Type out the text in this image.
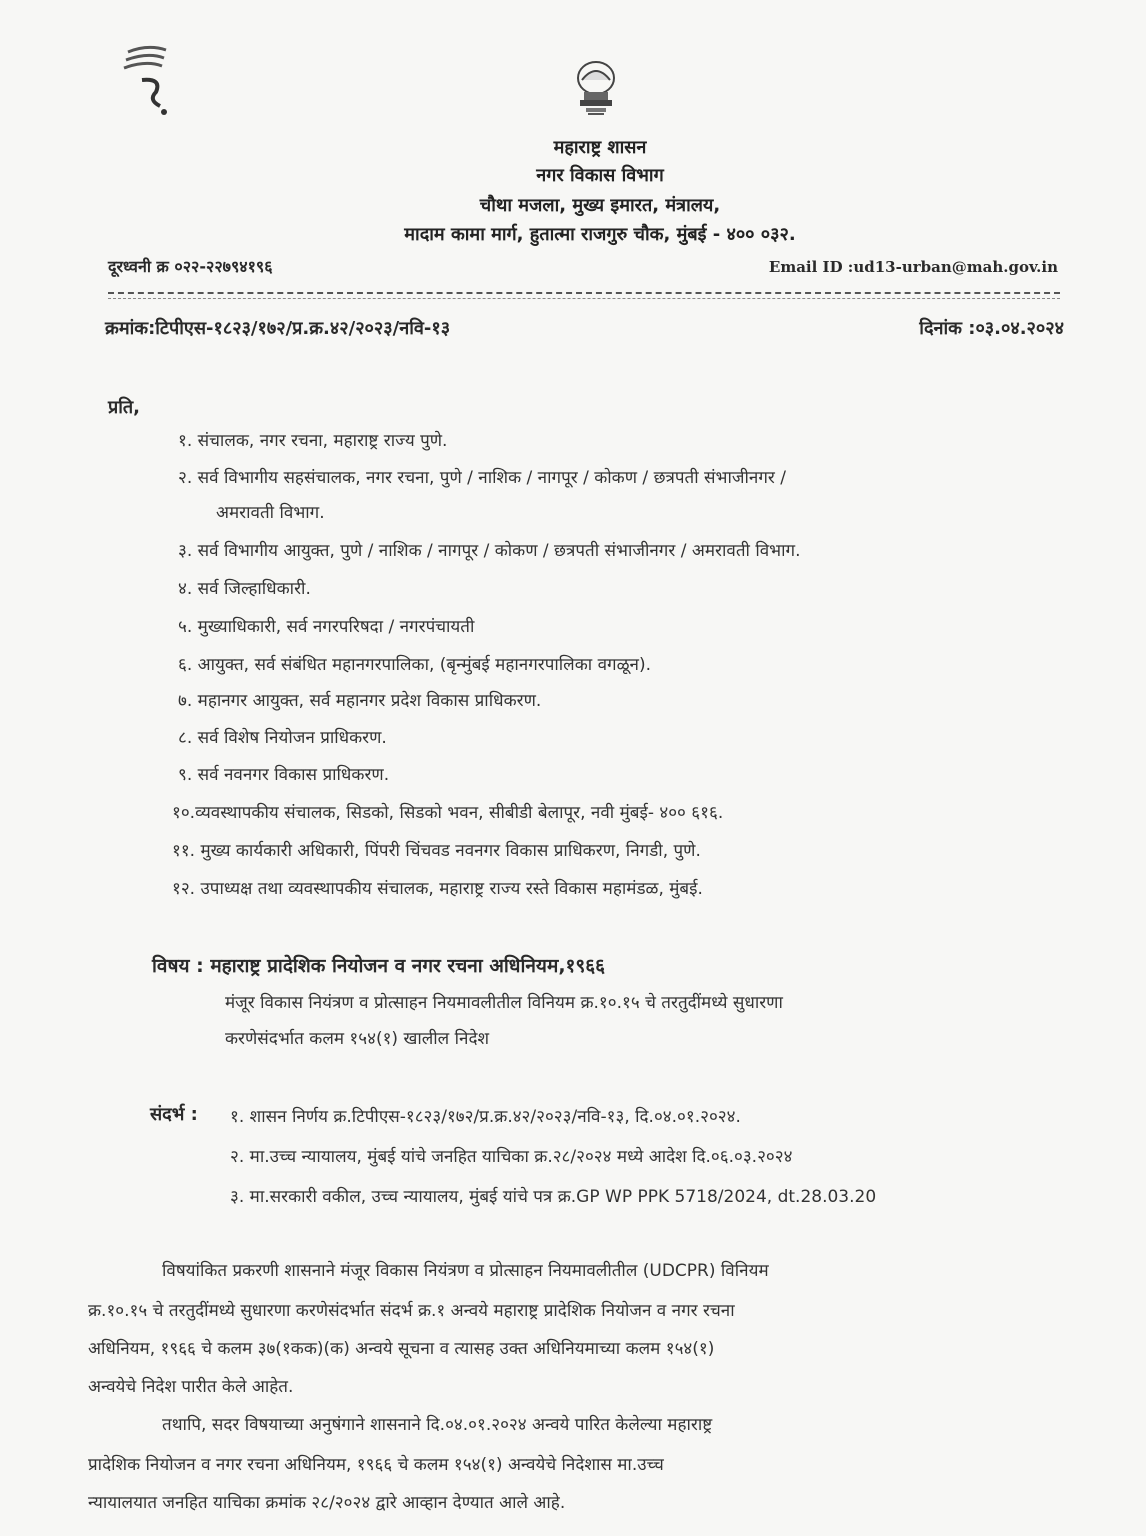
महाराष्ट्र शासन
नगर विकास विभाग
चौथा मजला, मुख्य इमारत, मंत्रालय,
मादाम कामा मार्ग, हुतात्मा राजगुरु चौक, मुंबई - ४०० ०३२.
दूरध्वनी क्र ०२२-२२७९४१९६	Email ID :ud13-urban@mah.gov.in
क्रमांक:टिपीएस-१८२३/१७२/प्र.क्र.४२/२०२३/नवि-१३	दिनांक :०३.०४.२०२४
प्रति,
१. संचालक, नगर रचना, महाराष्ट्र राज्य पुणे.
२. सर्व विभागीय सहसंचालक, नगर रचना, पुणे / नाशिक / नागपूर / कोकण / छत्रपती संभाजीनगर /
अमरावती विभाग.
३. सर्व विभागीय आयुक्त, पुणे / नाशिक / नागपूर / कोकण / छत्रपती संभाजीनगर / अमरावती विभाग.
४. सर्व जिल्हाधिकारी.
५. मुख्याधिकारी, सर्व नगरपरिषदा / नगरपंचायती
६. आयुक्त, सर्व संबंधित महानगरपालिका, (बृन्मुंबई महानगरपालिका वगळून).
७. महानगर आयुक्त, सर्व महानगर प्रदेश विकास प्राधिकरण.
८. सर्व विशेष नियोजन प्राधिकरण.
९. सर्व नवनगर विकास प्राधिकरण.
१०.व्यवस्थापकीय संचालक, सिडको, सिडको भवन, सीबीडी बेलापूर, नवी मुंबई- ४०० ६१६.
११. मुख्य कार्यकारी अधिकारी, पिंपरी चिंचवड नवनगर विकास प्राधिकरण, निगडी, पुणे.
१२. उपाध्यक्ष तथा व्यवस्थापकीय संचालक, महाराष्ट्र राज्य रस्ते विकास महामंडळ, मुंबई.
विषय : महाराष्ट्र प्रादेशिक नियोजन व नगर रचना अधिनियम,१९६६
मंजूर विकास नियंत्रण व प्रोत्साहन नियमावलीतील विनियम क्र.१०.१५ चे तरतुदींमध्ये सुधारणा
करणेसंदर्भात कलम १५४(१) खालील निदेश
संदर्भ : १. शासन निर्णय क्र.टिपीएस-१८२३/१७२/प्र.क्र.४२/२०२३/नवि-१३, दि.०४.०१.२०२४.
२. मा.उच्च न्यायालय, मुंबई यांचे जनहित याचिका क्र.२८/२०२४ मध्ये आदेश दि.०६.०३.२०२४
३. मा.सरकारी वकील, उच्च न्यायालय, मुंबई यांचे पत्र क्र.GP WP PPK 5718/2024, dt.28.03.20
विषयांकित प्रकरणी शासनाने मंजूर विकास नियंत्रण व प्रोत्साहन नियमावलीतील (UDCPR) विनियम
क्र.१०.१५ चे तरतुदींमध्ये सुधारणा करणेसंदर्भात संदर्भ क्र.१ अन्वये महाराष्ट्र प्रादेशिक नियोजन व नगर रचना
अधिनियम, १९६६ चे कलम ३७(१कक)(क) अन्वये सूचना व त्यासह उक्त अधिनियमाच्या कलम १५४(१)
अन्वयेचे निदेश पारीत केले आहेत.
तथापि, सदर विषयाच्या अनुषंगाने शासनाने दि.०४.०१.२०२४ अन्वये पारित केलेल्या महाराष्ट्र
प्रादेशिक नियोजन व नगर रचना अधिनियम, १९६६ चे कलम १५४(१) अन्वयेचे निदेशास मा.उच्च
न्यायालयात जनहित याचिका क्रमांक २८/२०२४ द्वारे आव्हान देण्यात आले आहे.
